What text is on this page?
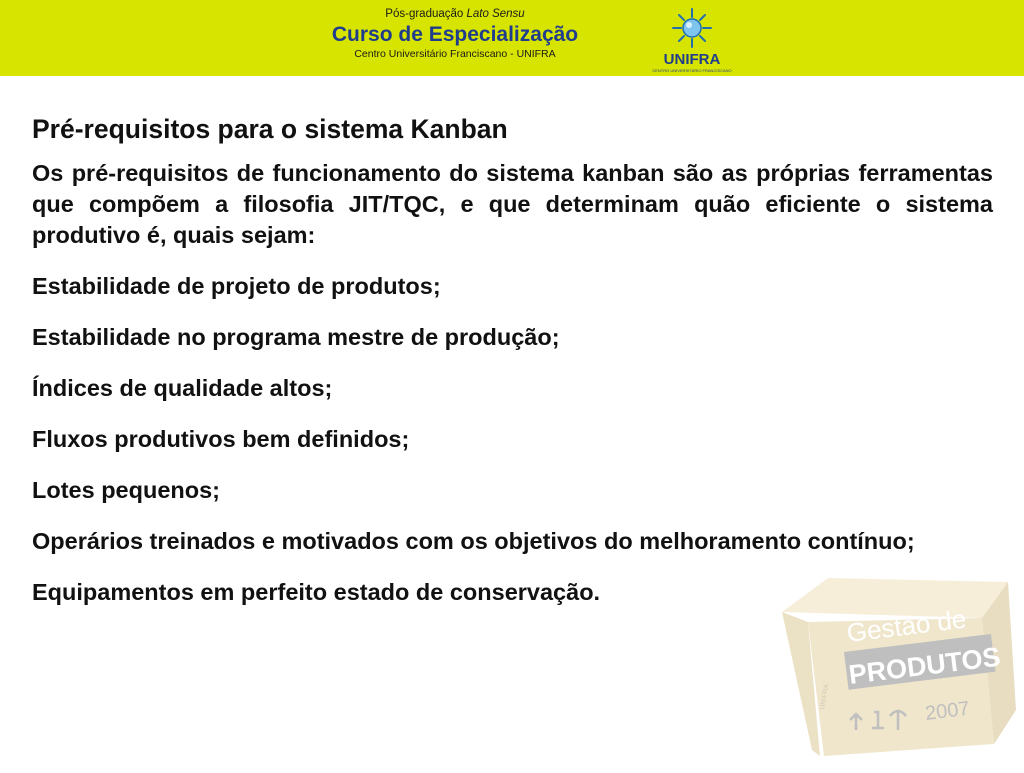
Pós-graduação Lato Sensu
Curso de Especialização
Centro Universitário Franciscano - UNIFRA	UNIFRA
CENTRO UNIVERSITÁRIO FRANCISCANO
Pré-requisitos para o sistema Kanban
Os pré-requisitos de funcionamento do sistema kanban são as próprias ferramentas que compõem a filosofia JIT/TQC, e que determinam quão eficiente o sistema produtivo é, quais sejam:
Estabilidade de projeto de produtos;
Estabilidade no programa mestre de produção;
Índices de qualidade altos;
Fluxos produtivos bem definidos;
Lotes pequenos;
Operários treinados e motivados com os objetivos do melhoramento contínuo;
Equipamentos em perfeito estado de conservação.
Gestão de
PRODUTOS
2007
UNIFRA
